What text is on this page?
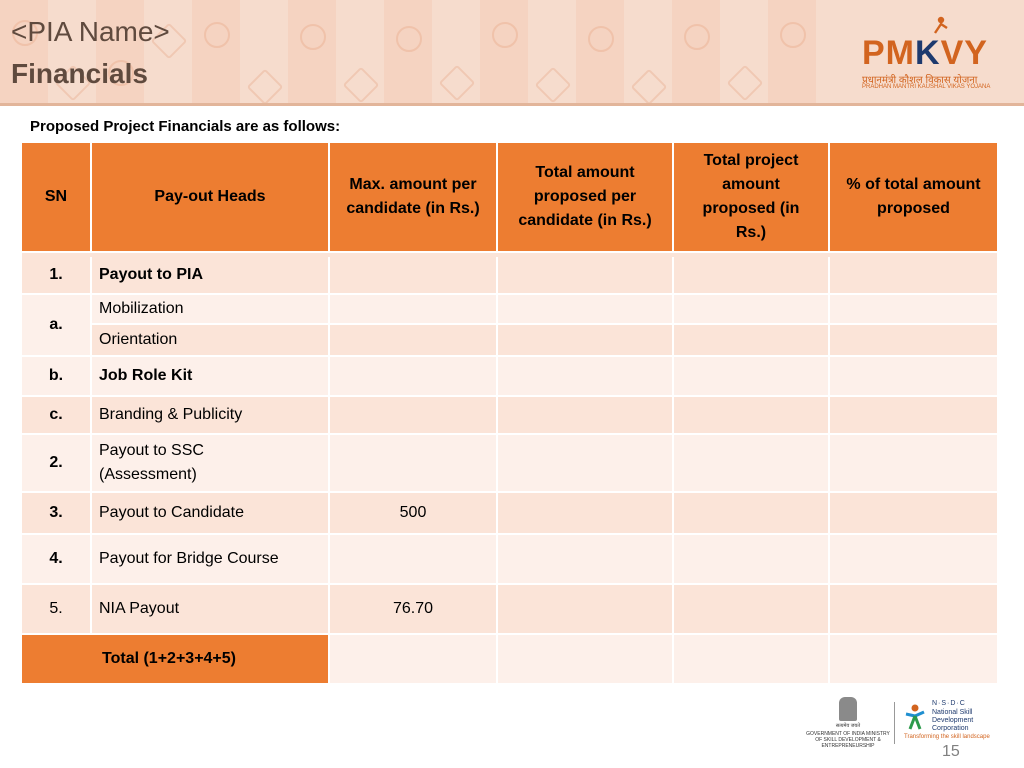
<PIA Name>
Financials
PMKVY
प्रधानमंत्री कौशल विकास योजना
PRADHAN MANTRI KAUSHAL VIKAS YOJANA
Proposed Project Financials are as follows:
SN	Pay-out Heads	Max. amount per candidate (in Rs.)	Total amount proposed per candidate (in Rs.)	Total project amount proposed (in Rs.)	% of total amount proposed

1.	Payout to PIA				
a.	Mobilization				
	Orientation				
b.	Job Role Kit				
c.	Branding & Publicity				
2.	Payout to SSC
(Assessment)				

3.	Payout to Candidate	500			
4.	Payout for Bridge Course				
5.	NIA Payout	76.70			
Total (1+2+3+4+5)					
सत्यमेव जयते
GOVERNMENT OF INDIA MINISTRY OF SKILL DEVELOPMENT & ENTREPRENEURSHIP
N·S·D·C
National Skill Development Corporation
Transforming the skill landscape
15
